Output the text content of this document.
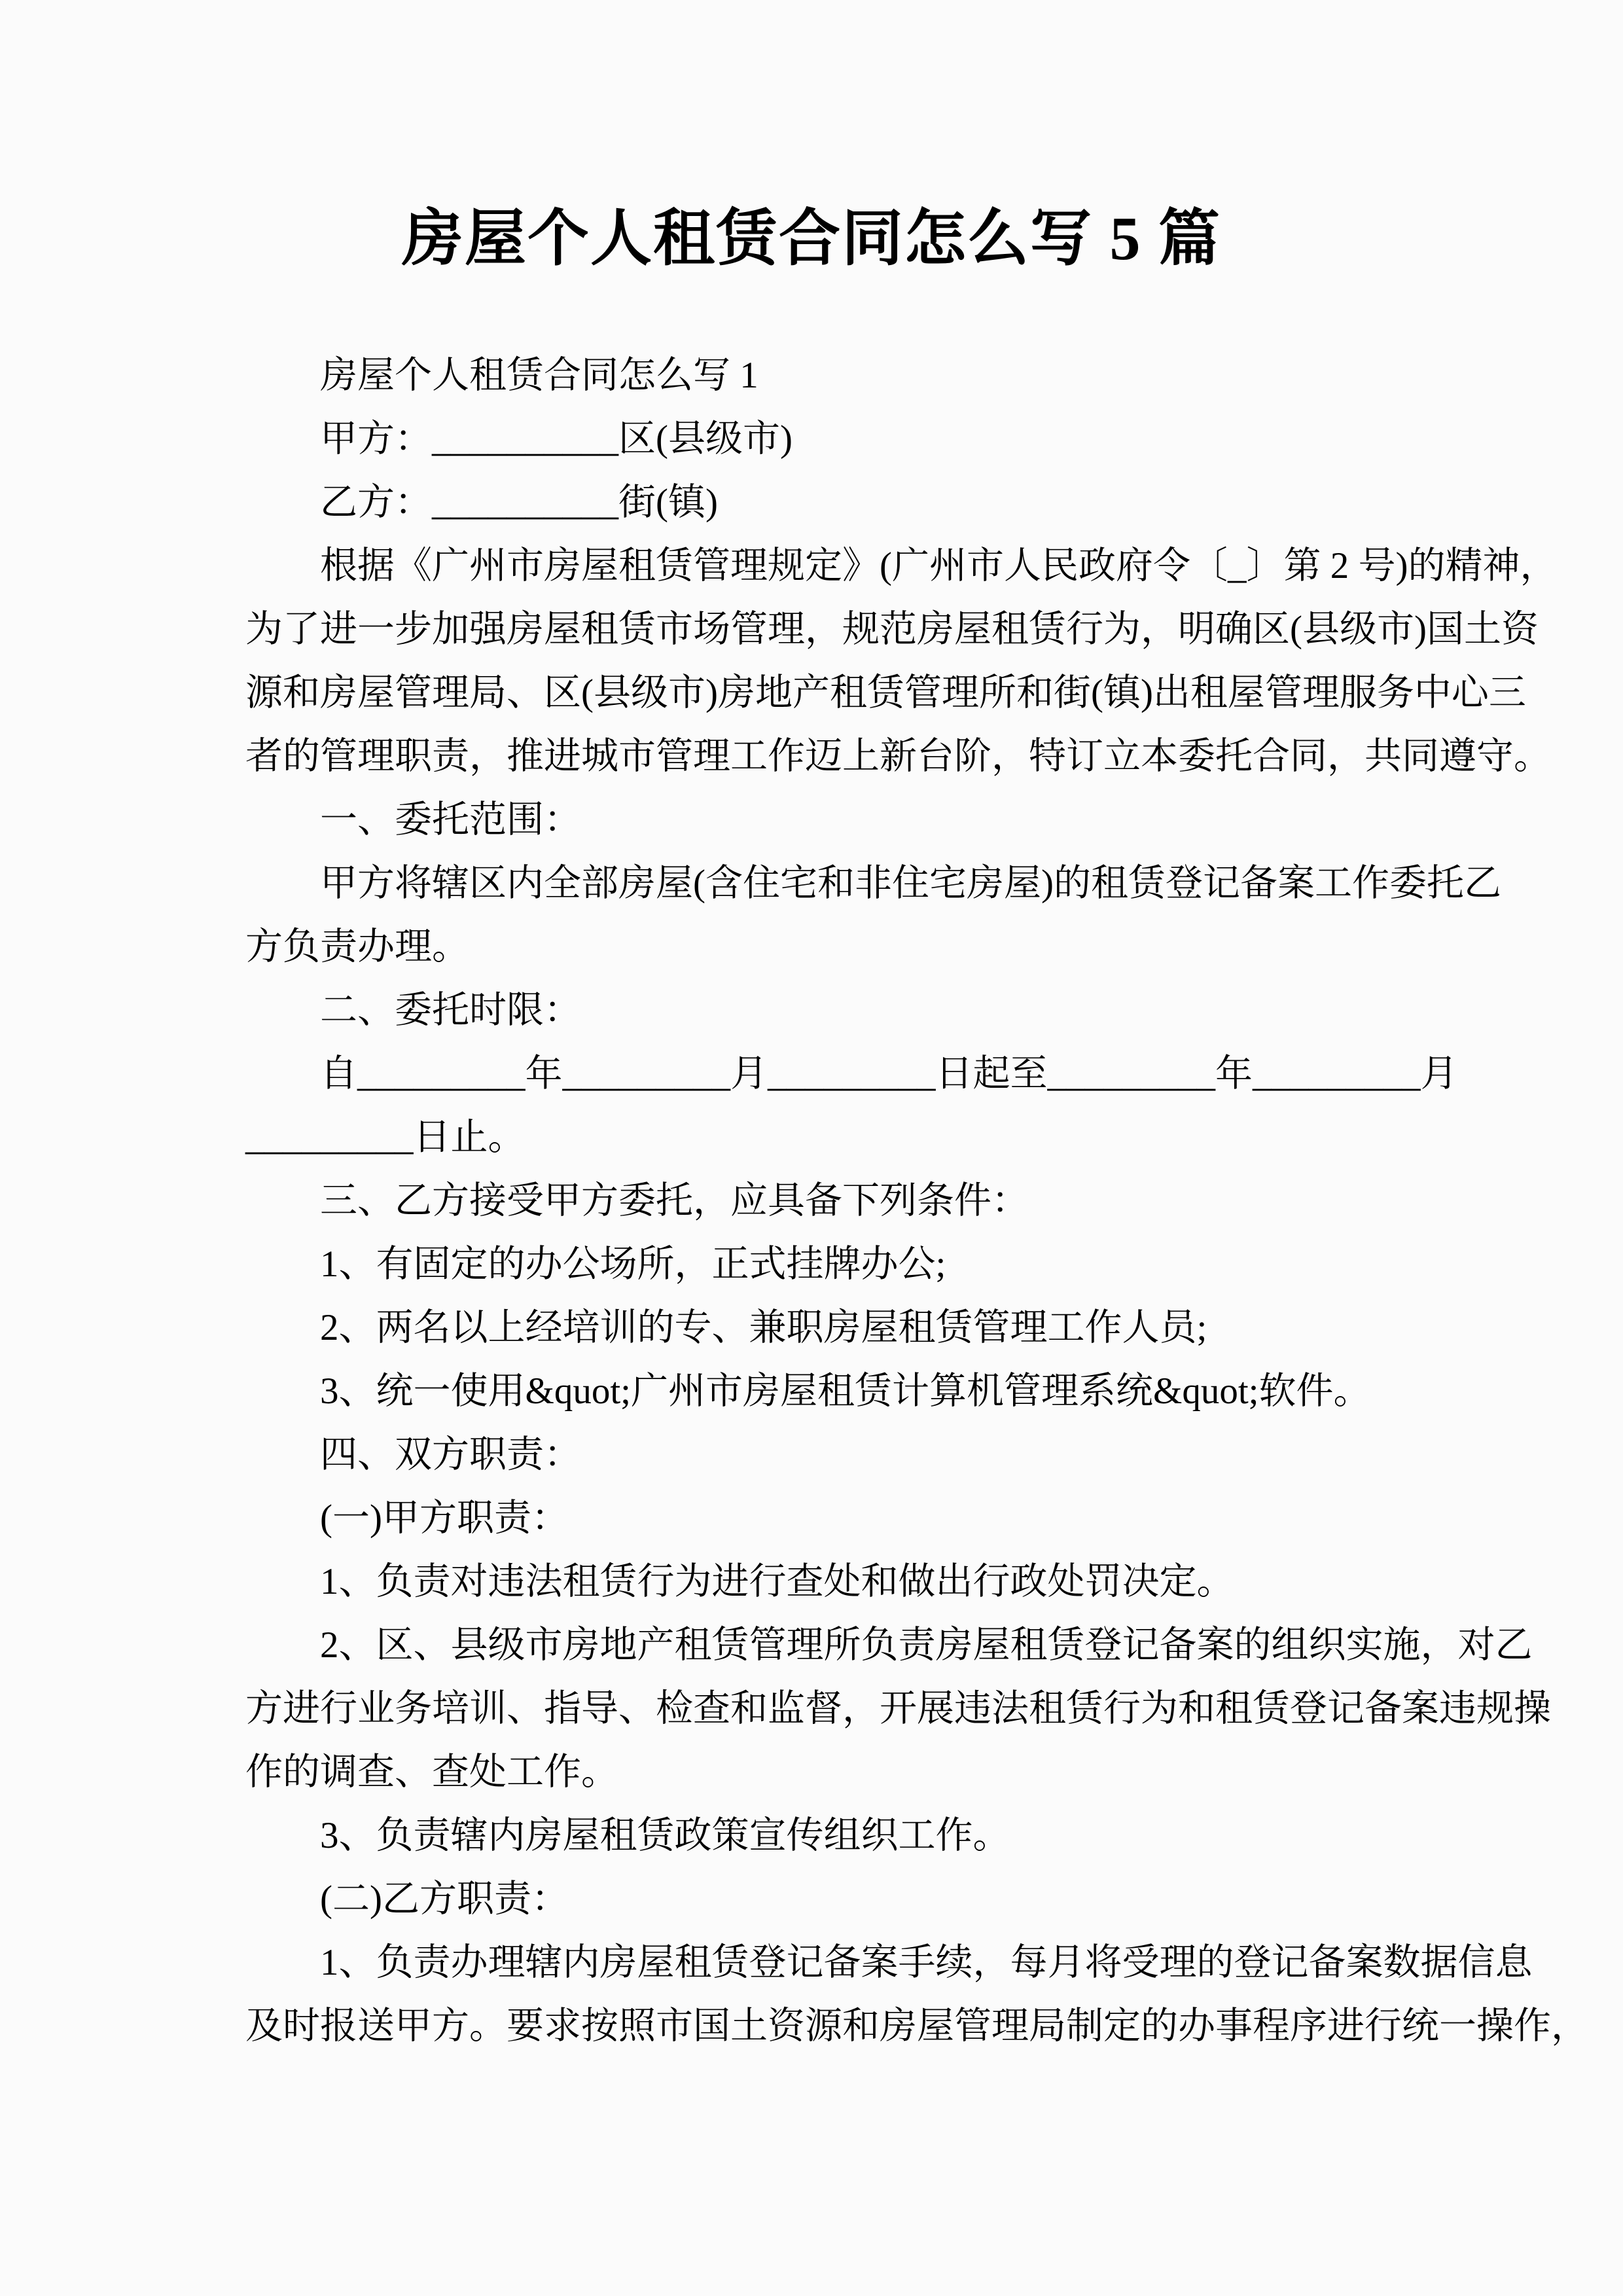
房屋个人租赁合同怎么写 5 篇
房屋个人租赁合同怎么写 1
甲方：__________区(县级市)
乙方：__________街(镇)
根据《广州市房屋租赁管理规定》(广州市人民政府令〔_〕第 2 号)的精神，
为了进一步加强房屋租赁市场管理，规范房屋租赁行为，明确区(县级市)国土资
源和房屋管理局、区(县级市)房地产租赁管理所和街(镇)出租屋管理服务中心三
者的管理职责，推进城市管理工作迈上新台阶，特订立本委托合同，共同遵守。
一、委托范围：
甲方将辖区内全部房屋(含住宅和非住宅房屋)的租赁登记备案工作委托乙
方负责办理。
二、委托时限：
自_________年_________月_________日起至_________年_________月
_________日止。
三、乙方接受甲方委托，应具备下列条件：
1、有固定的办公场所，正式挂牌办公;
2、两名以上经培训的专、兼职房屋租赁管理工作人员;
3、统一使用&quot;广州市房屋租赁计算机管理系统&quot;软件。
四、双方职责：
(一)甲方职责：
1、负责对违法租赁行为进行查处和做出行政处罚决定。
2、区、县级市房地产租赁管理所负责房屋租赁登记备案的组织实施，对乙
方进行业务培训、指导、检查和监督，开展违法租赁行为和租赁登记备案违规操
作的调查、查处工作。
3、负责辖内房屋租赁政策宣传组织工作。
(二)乙方职责：
1、负责办理辖内房屋租赁登记备案手续，每月将受理的登记备案数据信息
及时报送甲方。要求按照市国土资源和房屋管理局制定的办事程序进行统一操作，
